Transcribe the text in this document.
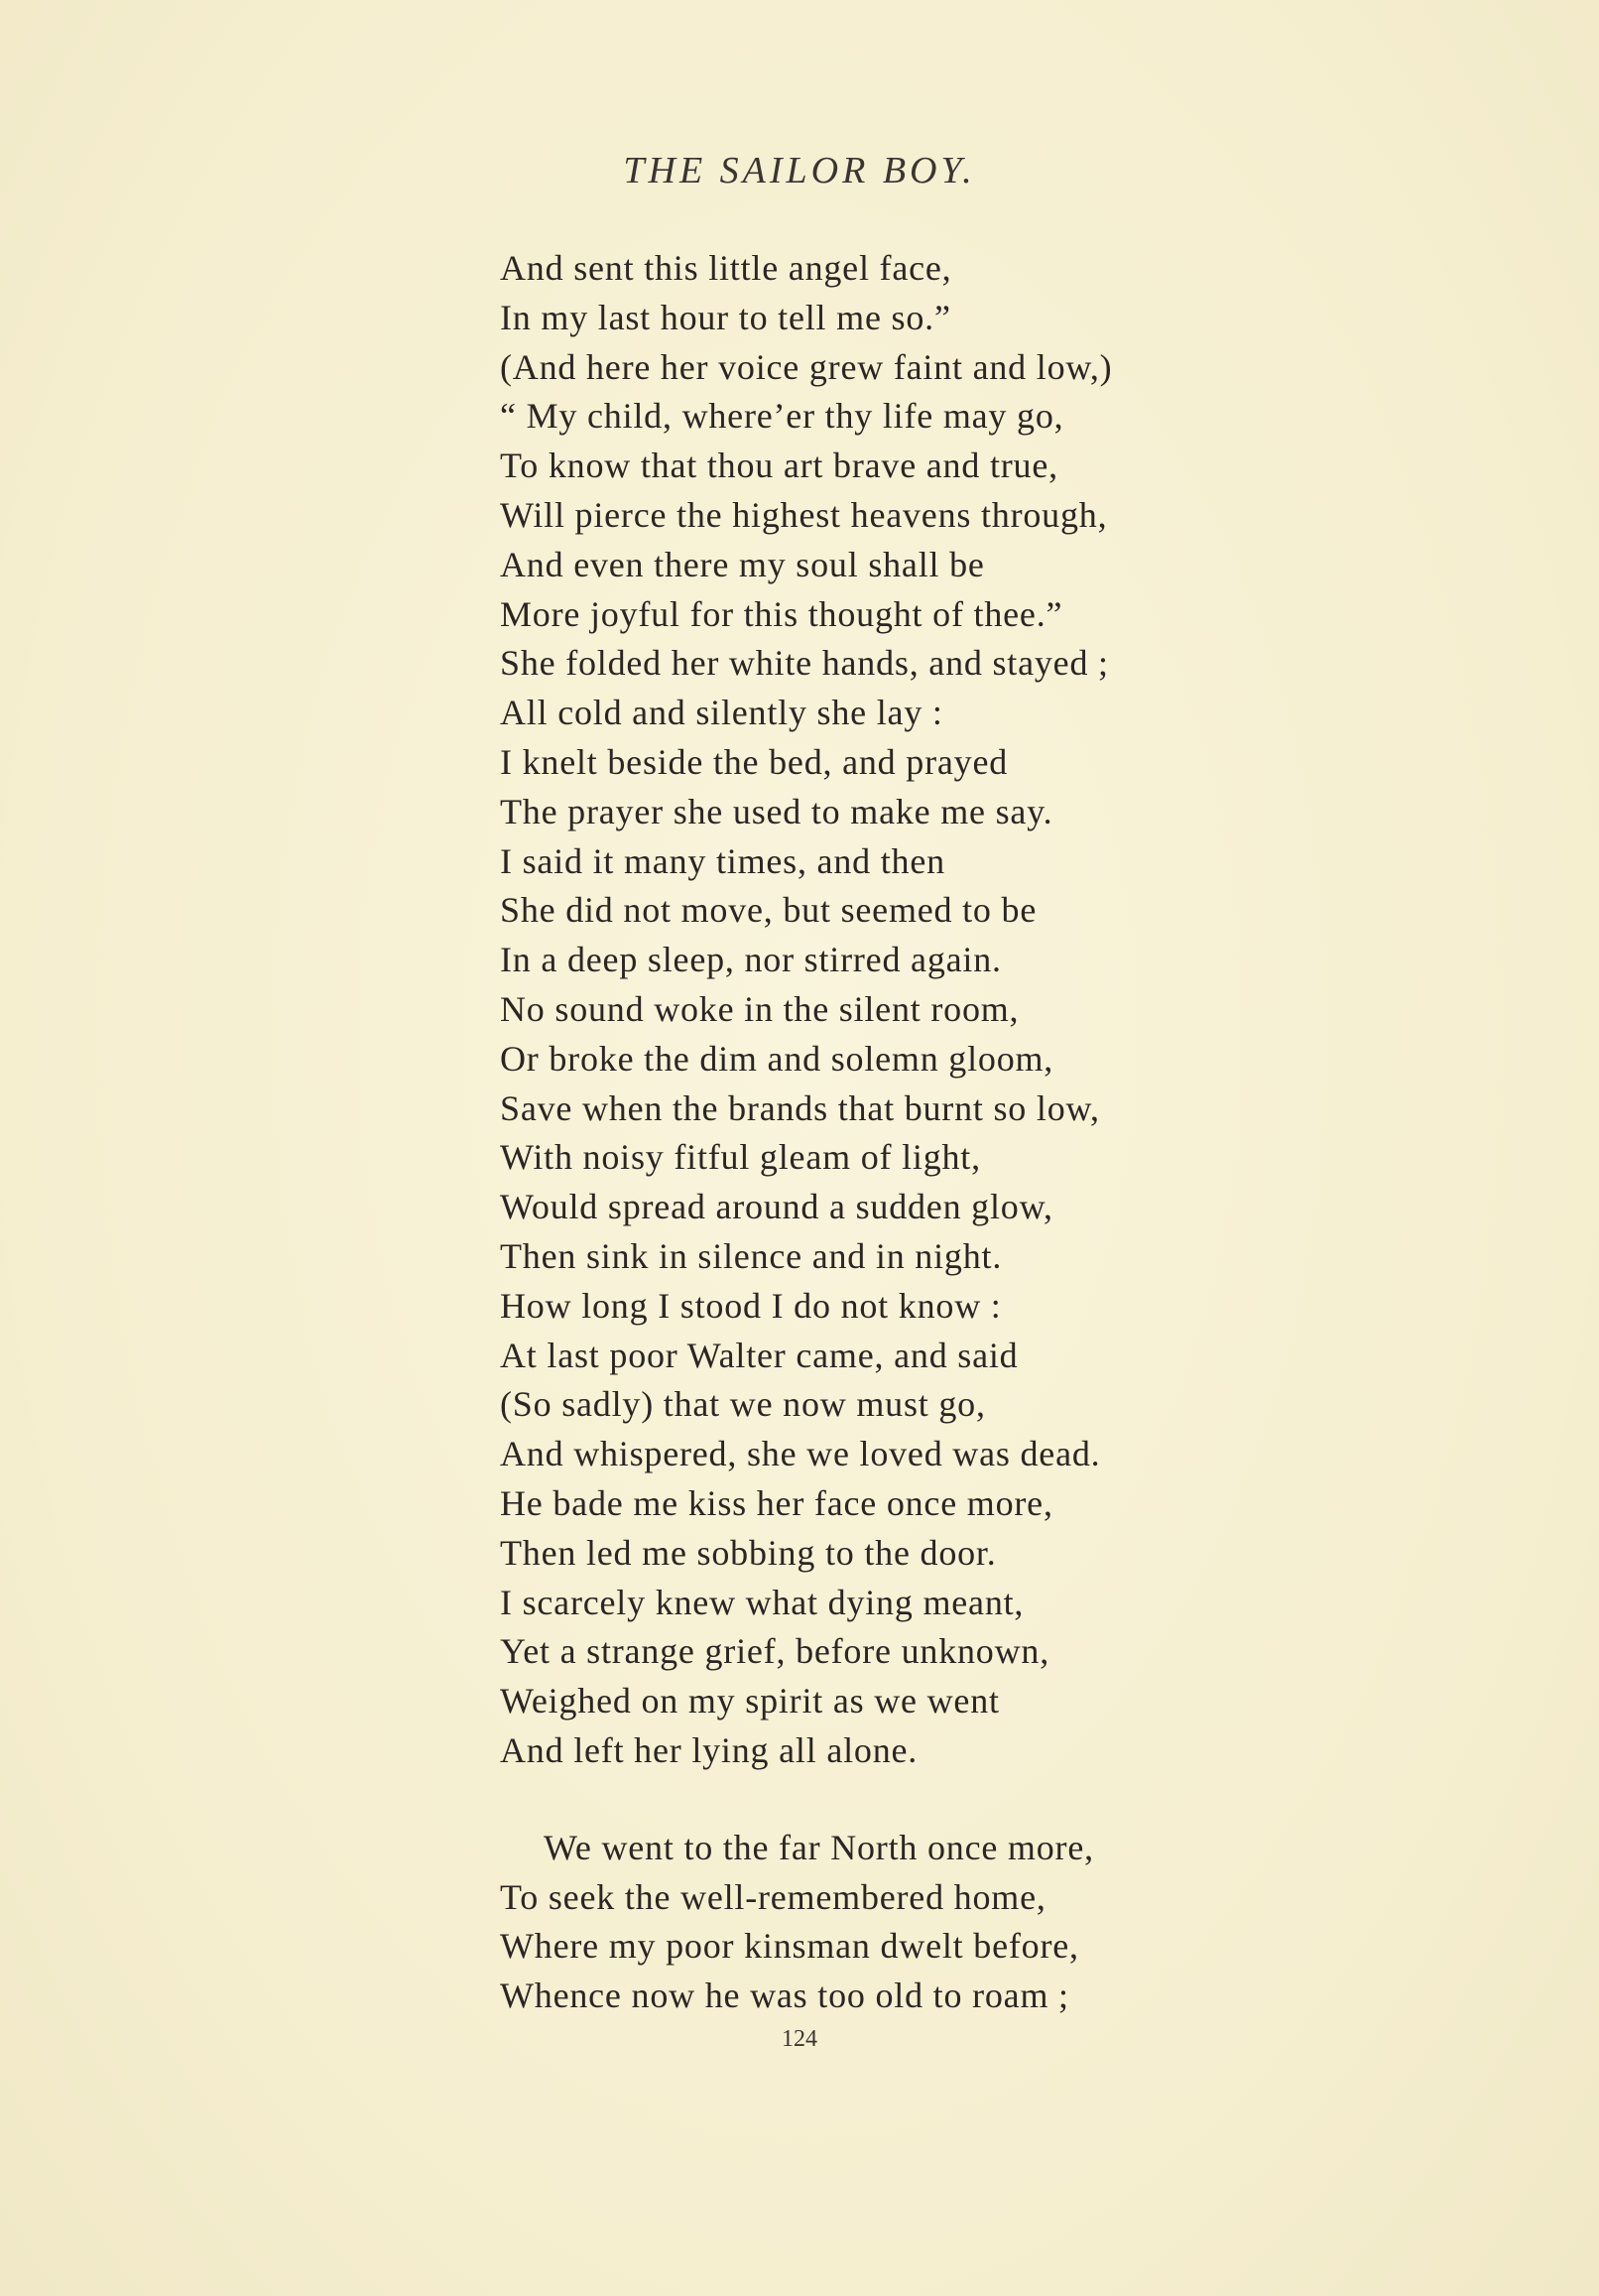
THE SAILOR BOY.
And sent this little angel face,
In my last hour to tell me so.”
(And here her voice grew faint and low,)
“ My child, where’er thy life may go,
To know that thou art brave and true,
Will pierce the highest heavens through,
And even there my soul shall be
More joyful for this thought of thee.”
She folded her white hands, and stayed ;
All cold and silently she lay :
I knelt beside the bed, and prayed
The prayer she used to make me say.
I said it many times, and then
She did not move, but seemed to be
In a deep sleep, nor stirred again.
No sound woke in the silent room,
Or broke the dim and solemn gloom,
Save when the brands that burnt so low,
With noisy fitful gleam of light,
Would spread around a sudden glow,
Then sink in silence and in night.
How long I stood I do not know :
At last poor Walter came, and said
(So sadly) that we now must go,
And whispered, she we loved was dead.
He bade me kiss her face once more,
Then led me sobbing to the door.
I scarcely knew what dying meant,
Yet a strange grief, before unknown,
Weighed on my spirit as we went
And left her lying all alone.
We went to the far North once more,
To seek the well-remembered home,
Where my poor kinsman dwelt before,
Whence now he was too old to roam ;
124
